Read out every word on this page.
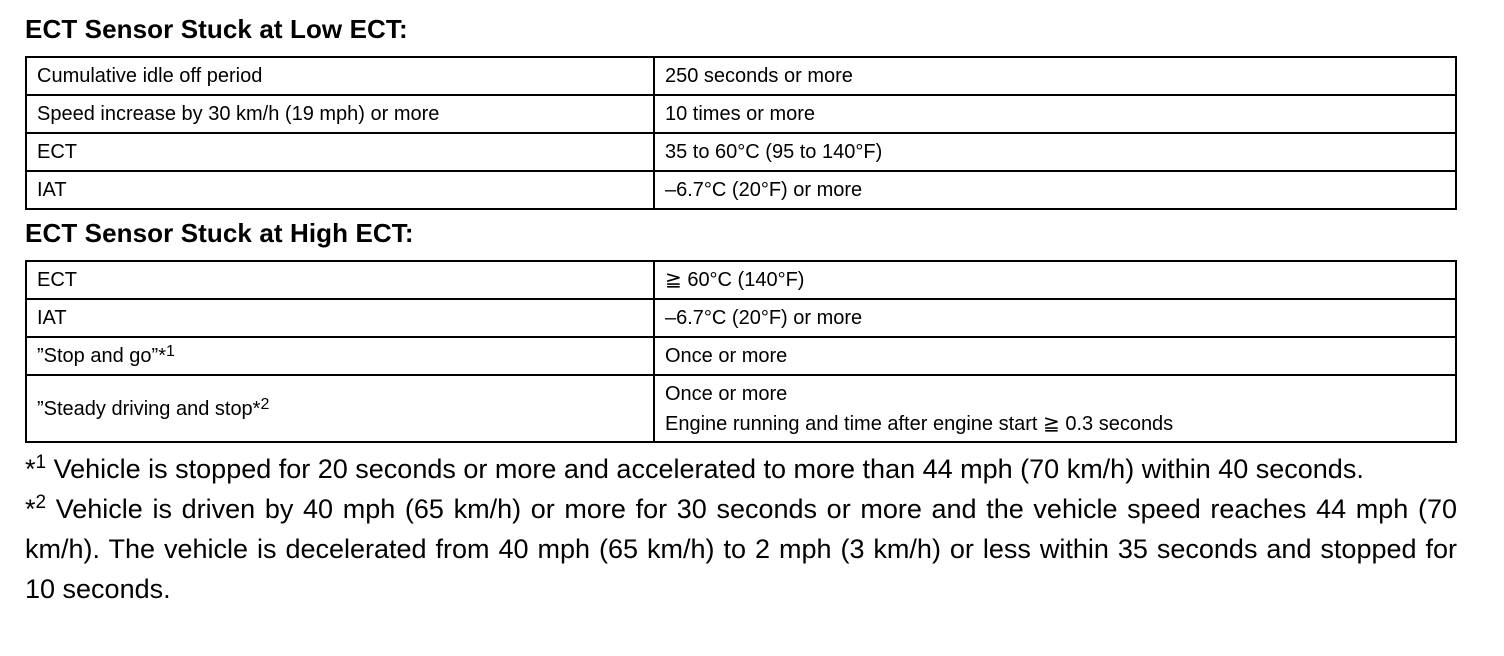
ECT Sensor Stuck at Low ECT:
Cumulative idle off period	250 seconds or more
Speed increase by 30 km/h (19 mph) or more	10 times or more
ECT	35 to 60°C (95 to 140°F)
IAT	–6.7°C (20°F) or more
ECT Sensor Stuck at High ECT:
ECT	≧ 60°C (140°F)
IAT	–6.7°C (20°F) or more
”Stop and go”*$^1$	Once or more
”Steady driving and stop*$^2$	Once or more
Engine running and time after engine start ≧ 0.3 seconds

*$^1$ Vehicle is stopped for 20 seconds or more and accelerated to more than 44 mph (70 km/h) within 40 seconds.

*$^2$ Vehicle is driven by 40 mph (65 km/h) or more for 30 seconds or more and the vehicle speed reaches 44 mph (70 km/h). The vehicle is decelerated from 40 mph (65 km/h) to 2 mph (3 km/h) or less within 35 seconds and stopped for 10 seconds.
